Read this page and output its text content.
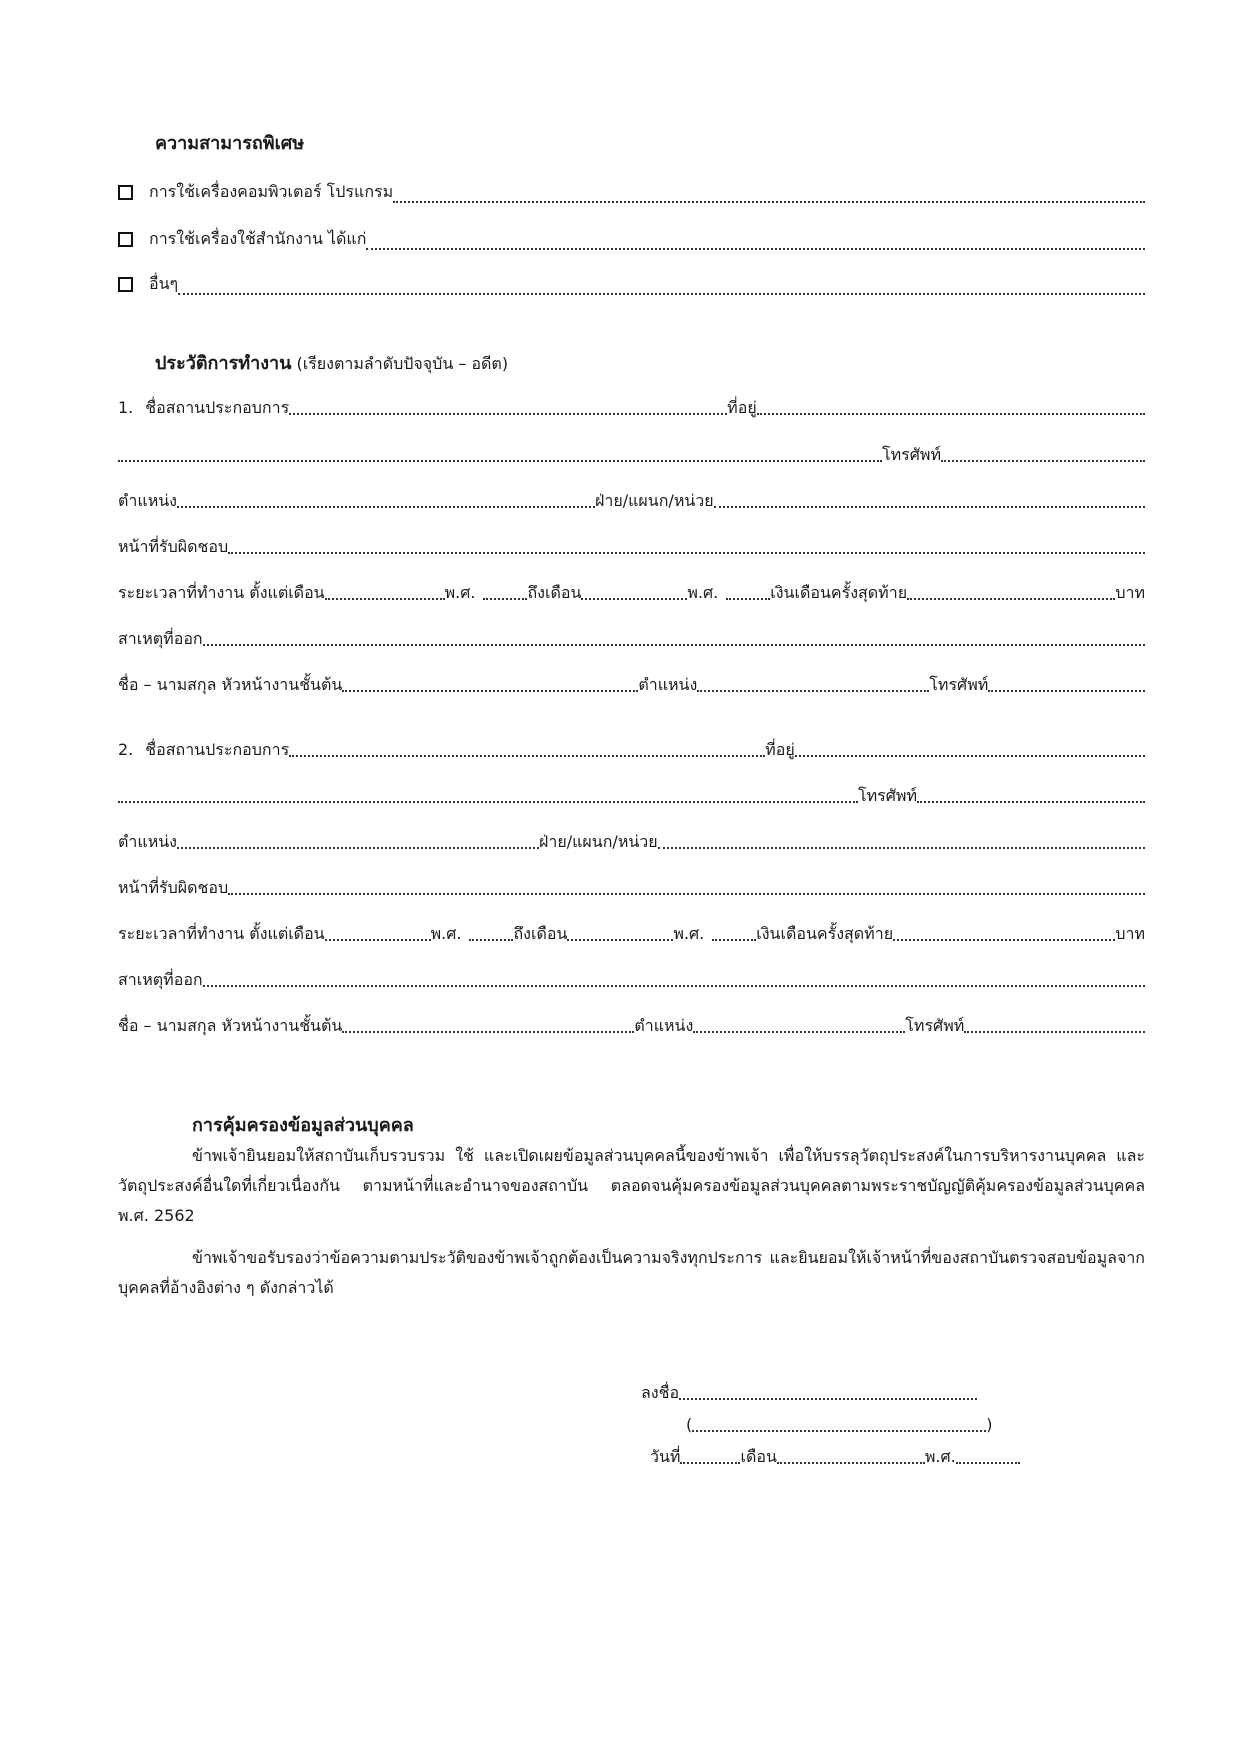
ความสามารถพิเศษ
การใช้เครื่องคอมพิวเตอร์ โปรแกรม
การใช้เครื่องใช้สำนักงาน ได้แก่
อื่นๆ
ประวัติการทำงาน (เรียงตามลำดับปัจจุบัน – อดีต)
1. ชื่อสถานประกอบการ	ที่อยู่
โทรศัพท์
ตำแหน่ง	ฝ่าย/แผนก/หน่วย
หน้าที่รับผิดชอบ
ระยะเวลาที่ทำงาน ตั้งแต่เดือน	พ.ศ.	ถึงเดือน	พ.ศ.	เงินเดือนครั้งสุดท้าย	บาท
สาเหตุที่ออก
ชื่อ – นามสกุล หัวหน้างานชั้นต้น	ตำแหน่ง	โทรศัพท์
2. ชื่อสถานประกอบการ	ที่อยู่
โทรศัพท์
ตำแหน่ง	ฝ่าย/แผนก/หน่วย
หน้าที่รับผิดชอบ
ระยะเวลาที่ทำงาน ตั้งแต่เดือน	พ.ศ.	ถึงเดือน	พ.ศ.	เงินเดือนครั้งสุดท้าย	บาท
สาเหตุที่ออก
ชื่อ – นามสกุล หัวหน้างานชั้นต้น	ตำแหน่ง	โทรศัพท์
การคุ้มครองข้อมูลส่วนบุคคล
ข้าพเจ้ายินยอมให้สถาบันเก็บรวบรวม ใช้ และเปิดเผยข้อมูลส่วนบุคคลนี้ของข้าพเจ้า เพื่อให้บรรลุวัตถุประสงค์ในการบริหารงานบุคคล และวัตถุประสงค์อื่นใดที่เกี่ยวเนื่องกัน ตามหน้าที่และอำนาจของสถาบัน ตลอดจนคุ้มครองข้อมูลส่วนบุคคลตามพระราชบัญญัติคุ้มครองข้อมูลส่วนบุคคล พ.ศ. 2562
ข้าพเจ้าขอรับรองว่าข้อความตามประวัติของข้าพเจ้าถูกต้องเป็นความจริงทุกประการ และยินยอมให้เจ้าหน้าที่ของสถาบันตรวจสอบข้อมูลจากบุคคลที่อ้างอิงต่าง ๆ ดังกล่าวได้
ลงชื่อ
(	)
วันที่	เดือน	พ.ศ.
